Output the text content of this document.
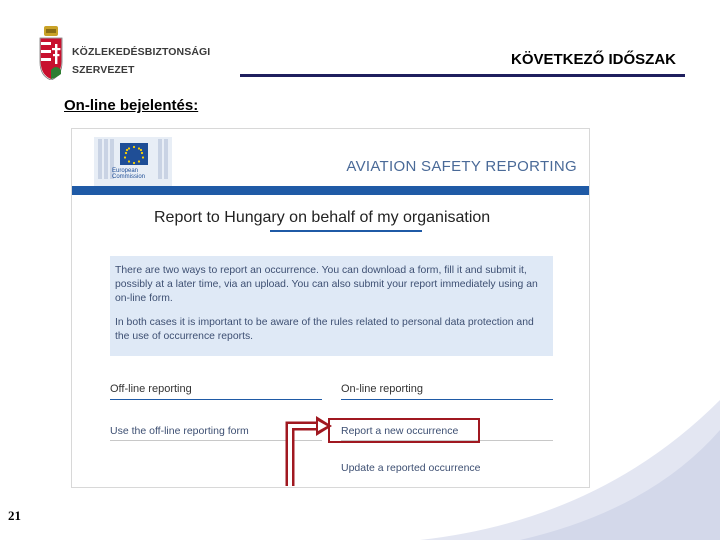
KÖZLEKEDÉSBIZTONSÁGI
SZERVEZET
KÖVETKEZŐ IDŐSZAK
On-line bejelentés:
European
Commission
AVIATION SAFETY REPORTING
Report to Hungary on behalf of my organisation

There are two ways to report an occurrence. You can download a form, fill it and submit it, possibly at a later time, via an upload. You can also submit your report immediately using an on-line form.

In both cases it is important to be aware of the rules related to personal data protection and the use of occurrence reports.

Off-line reporting
Use the off-line reporting form
On-line reporting
Report a new occurrence
Update a reported occurrence
21
